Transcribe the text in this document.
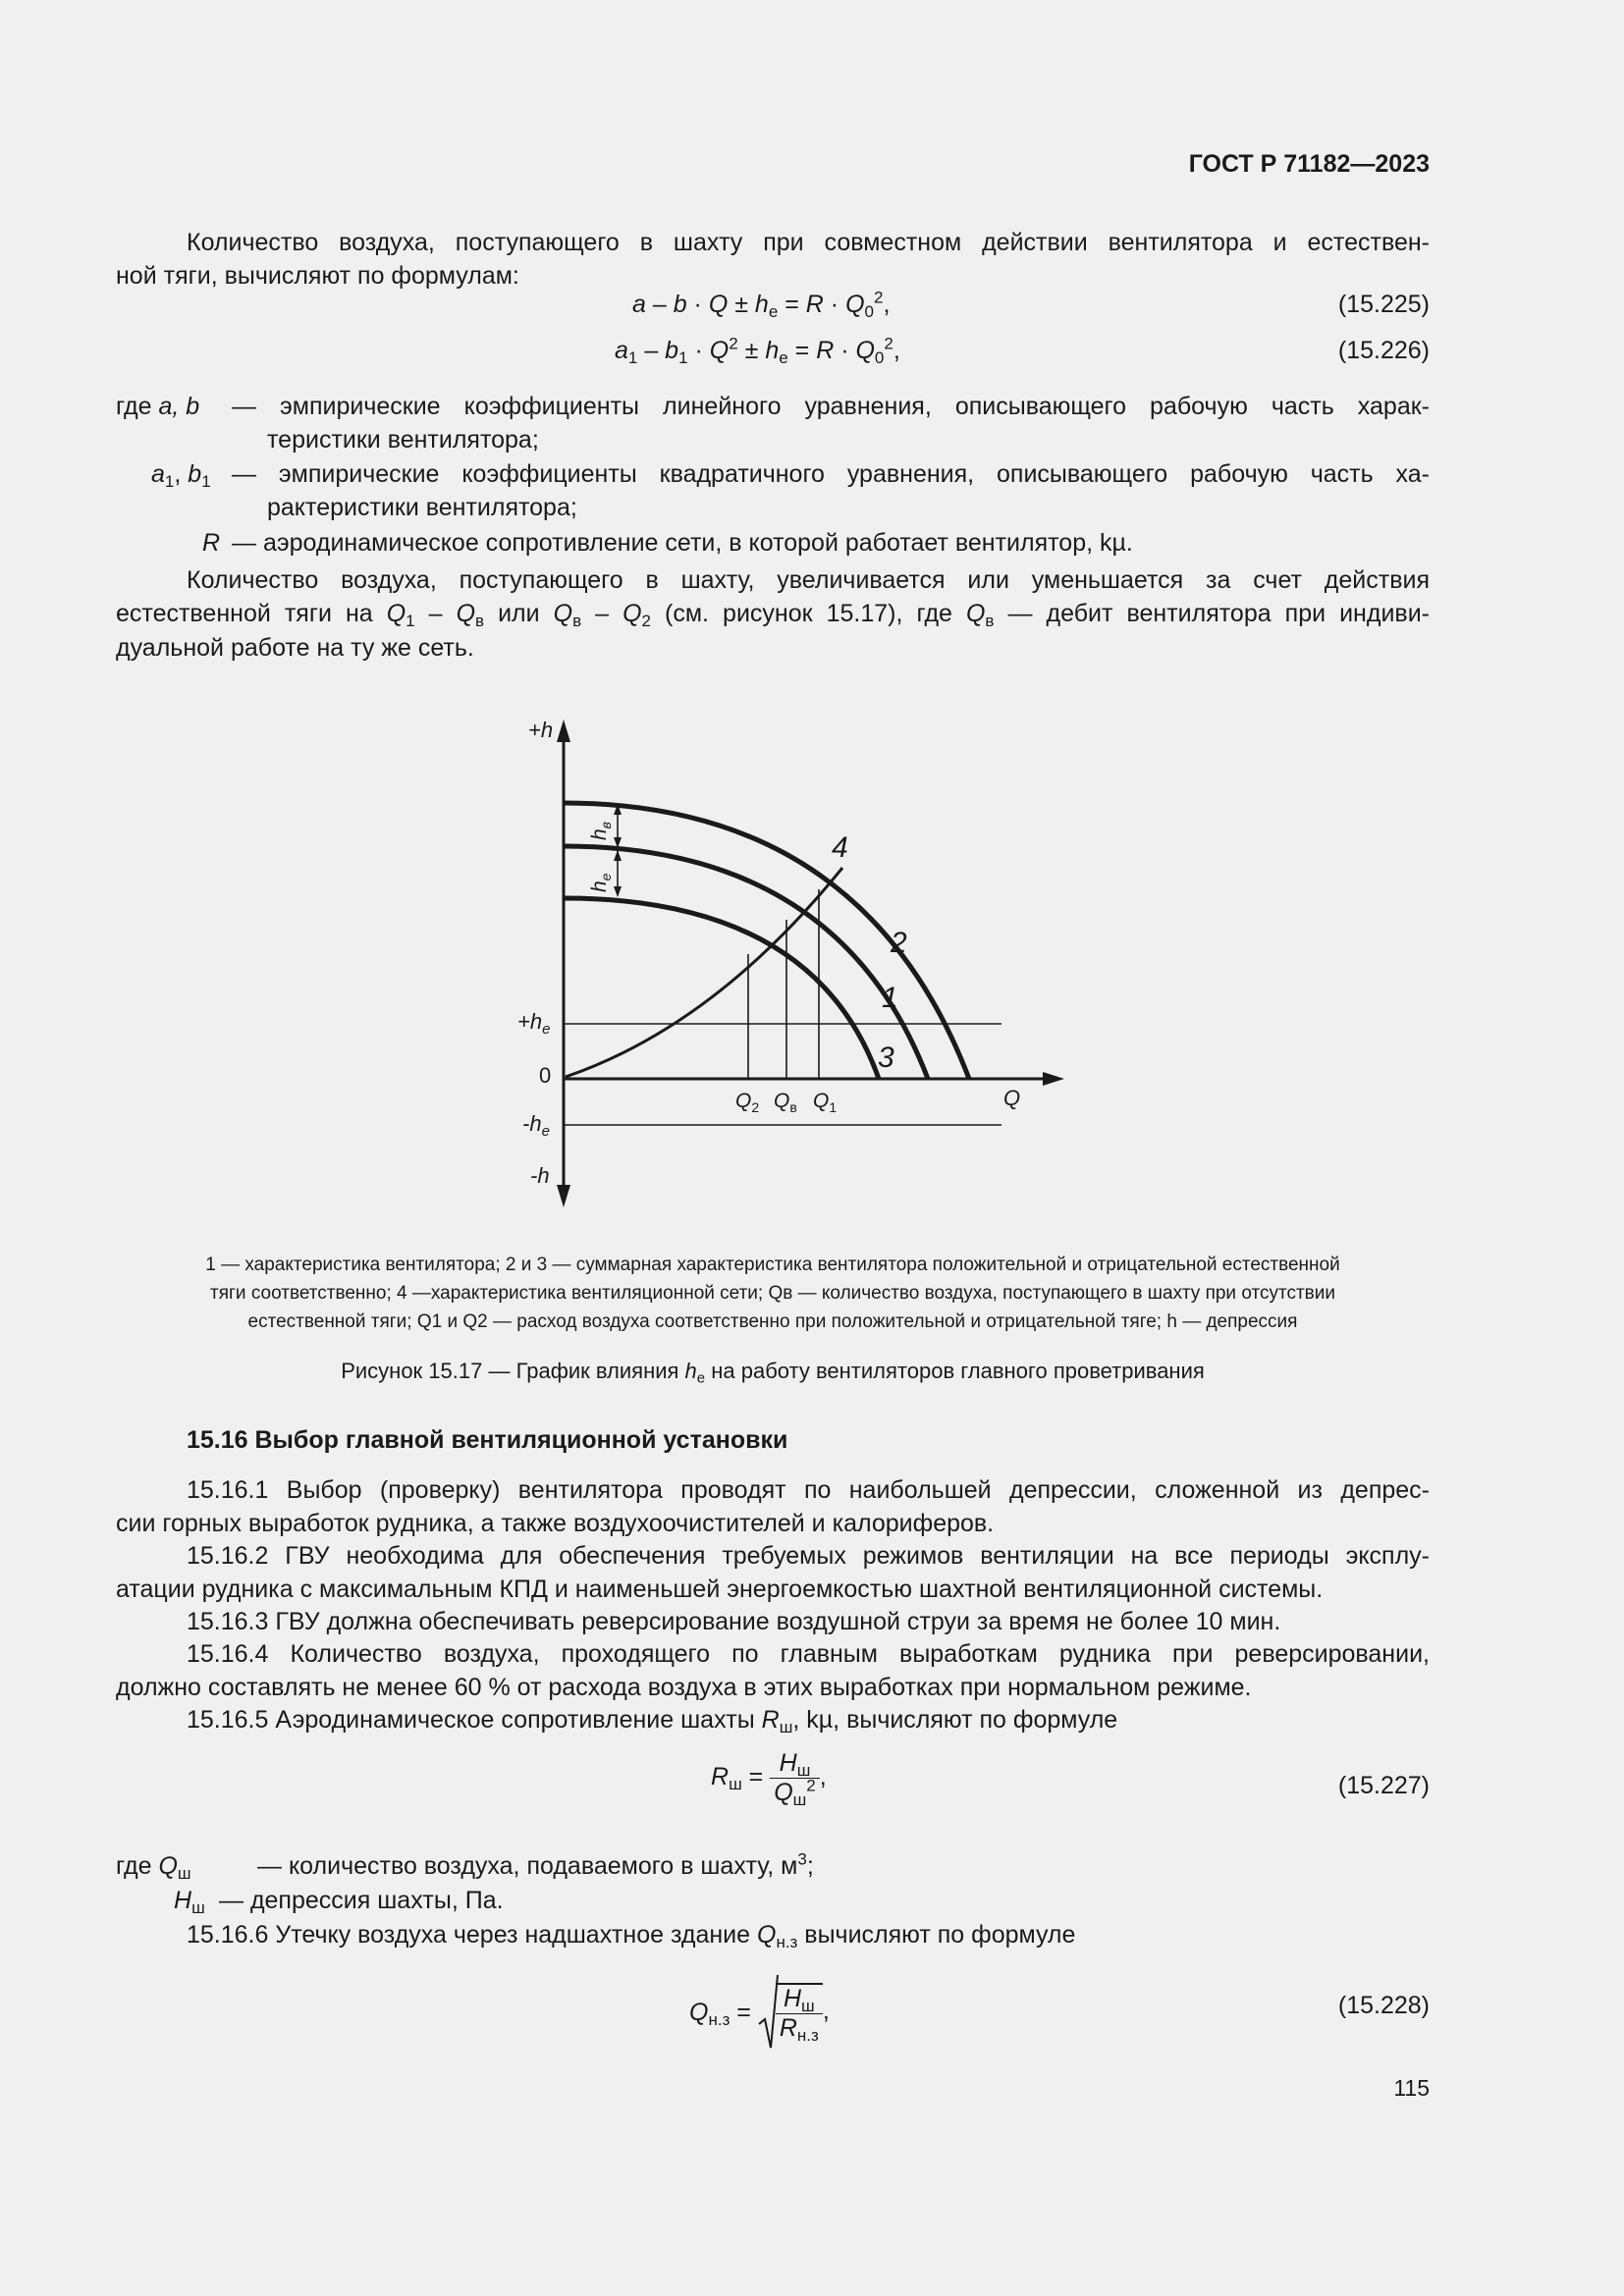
ГОСТ Р 71182—2023
Количество воздуха, поступающего в шахту при совместном действии вентилятора и естествен-
ной тяги, вычисляют по формулам:
$a - b \cdot Q \pm h_e = R \cdot Q_0^2$,	(15.225)
$a_1 - b_1 \cdot Q^2 \pm h_e = R \cdot Q_0^2$,	(15.226)
где a, b — эмпирические коэффициенты линейного уравнения, описывающего рабочую часть харак-
теристики вентилятора;
$a_1$, $b_1$ — эмпирические коэффициенты квадратичного уравнения, описывающего рабочую часть ха-
рактеристики вентилятора;
R — аэродинамическое сопротивление сети, в которой работает вентилятор, kµ.
Количество воздуха, поступающего в шахту, увеличивается или уменьшается за счет действия
естественной тяги на $Q_1 - Q_в$ или $Q_в - Q_2$ (см. рисунок 15.17), где $Q_в$ — дебит вентилятора при индиви-
дуальной работе на ту же сеть.
$h_в$
$h_e$
+h
-h
0
Q
$+h_e$
$-h_e$
4
2
1
3
$Q_2$ $Q_в$ $Q_1$
1 — характеристика вентилятора; 2 и 3 — суммарная характеристика вентилятора положительной и отрицательной естественной
тяги соответственно; 4 —характеристика вентиляционной сети; Qв — количество воздуха, поступающего в шахту при отсутствии
естественной тяги; Q1 и Q2 — расход воздуха соответственно при положительной и отрицательной тяге; h — депрессия
Рисунок 15.17 — График влияния $h_e$ на работу вентиляторов главного проветривания
15.16 Выбор главной вентиляционной установки
15.16.1 Выбор (проверку) вентилятора проводят по наибольшей депрессии, сложенной из депрес-
сии горных выработок рудника, а также воздухоочистителей и калориферов.
15.16.2 ГВУ необходима для обеспечения требуемых режимов вентиляции на все периоды эксплу-
атации рудника с максимальным КПД и наименьшей энергоемкостью шахтной вентиляционной системы.
15.16.3 ГВУ должна обеспечивать реверсирование воздушной струи за время не более 10 мин.
15.16.4 Количество воздуха, проходящего по главным выработкам рудника при реверсировании,
должно составлять не менее 60 % от расхода воздуха в этих выработках при нормальном режиме.
15.16.5 Аэродинамическое сопротивление шахты $R_ш$, kµ, вычисляют по формуле
$R_ш = \frac{H_ш}{Q_ш^2}$ ,	(15.227)
где $Q_ш$	— количество воздуха, подаваемого в шахту, $м^3$;
$H_ш$ — депрессия шахты, Па.
15.16.6 Утечку воздуха через надшахтное здание $Q_{н.з}$ вычисляют по формуле
$Q_{н.з} = \frac{H_ш}{R_{н.з}}$ ,	(15.228)
115
